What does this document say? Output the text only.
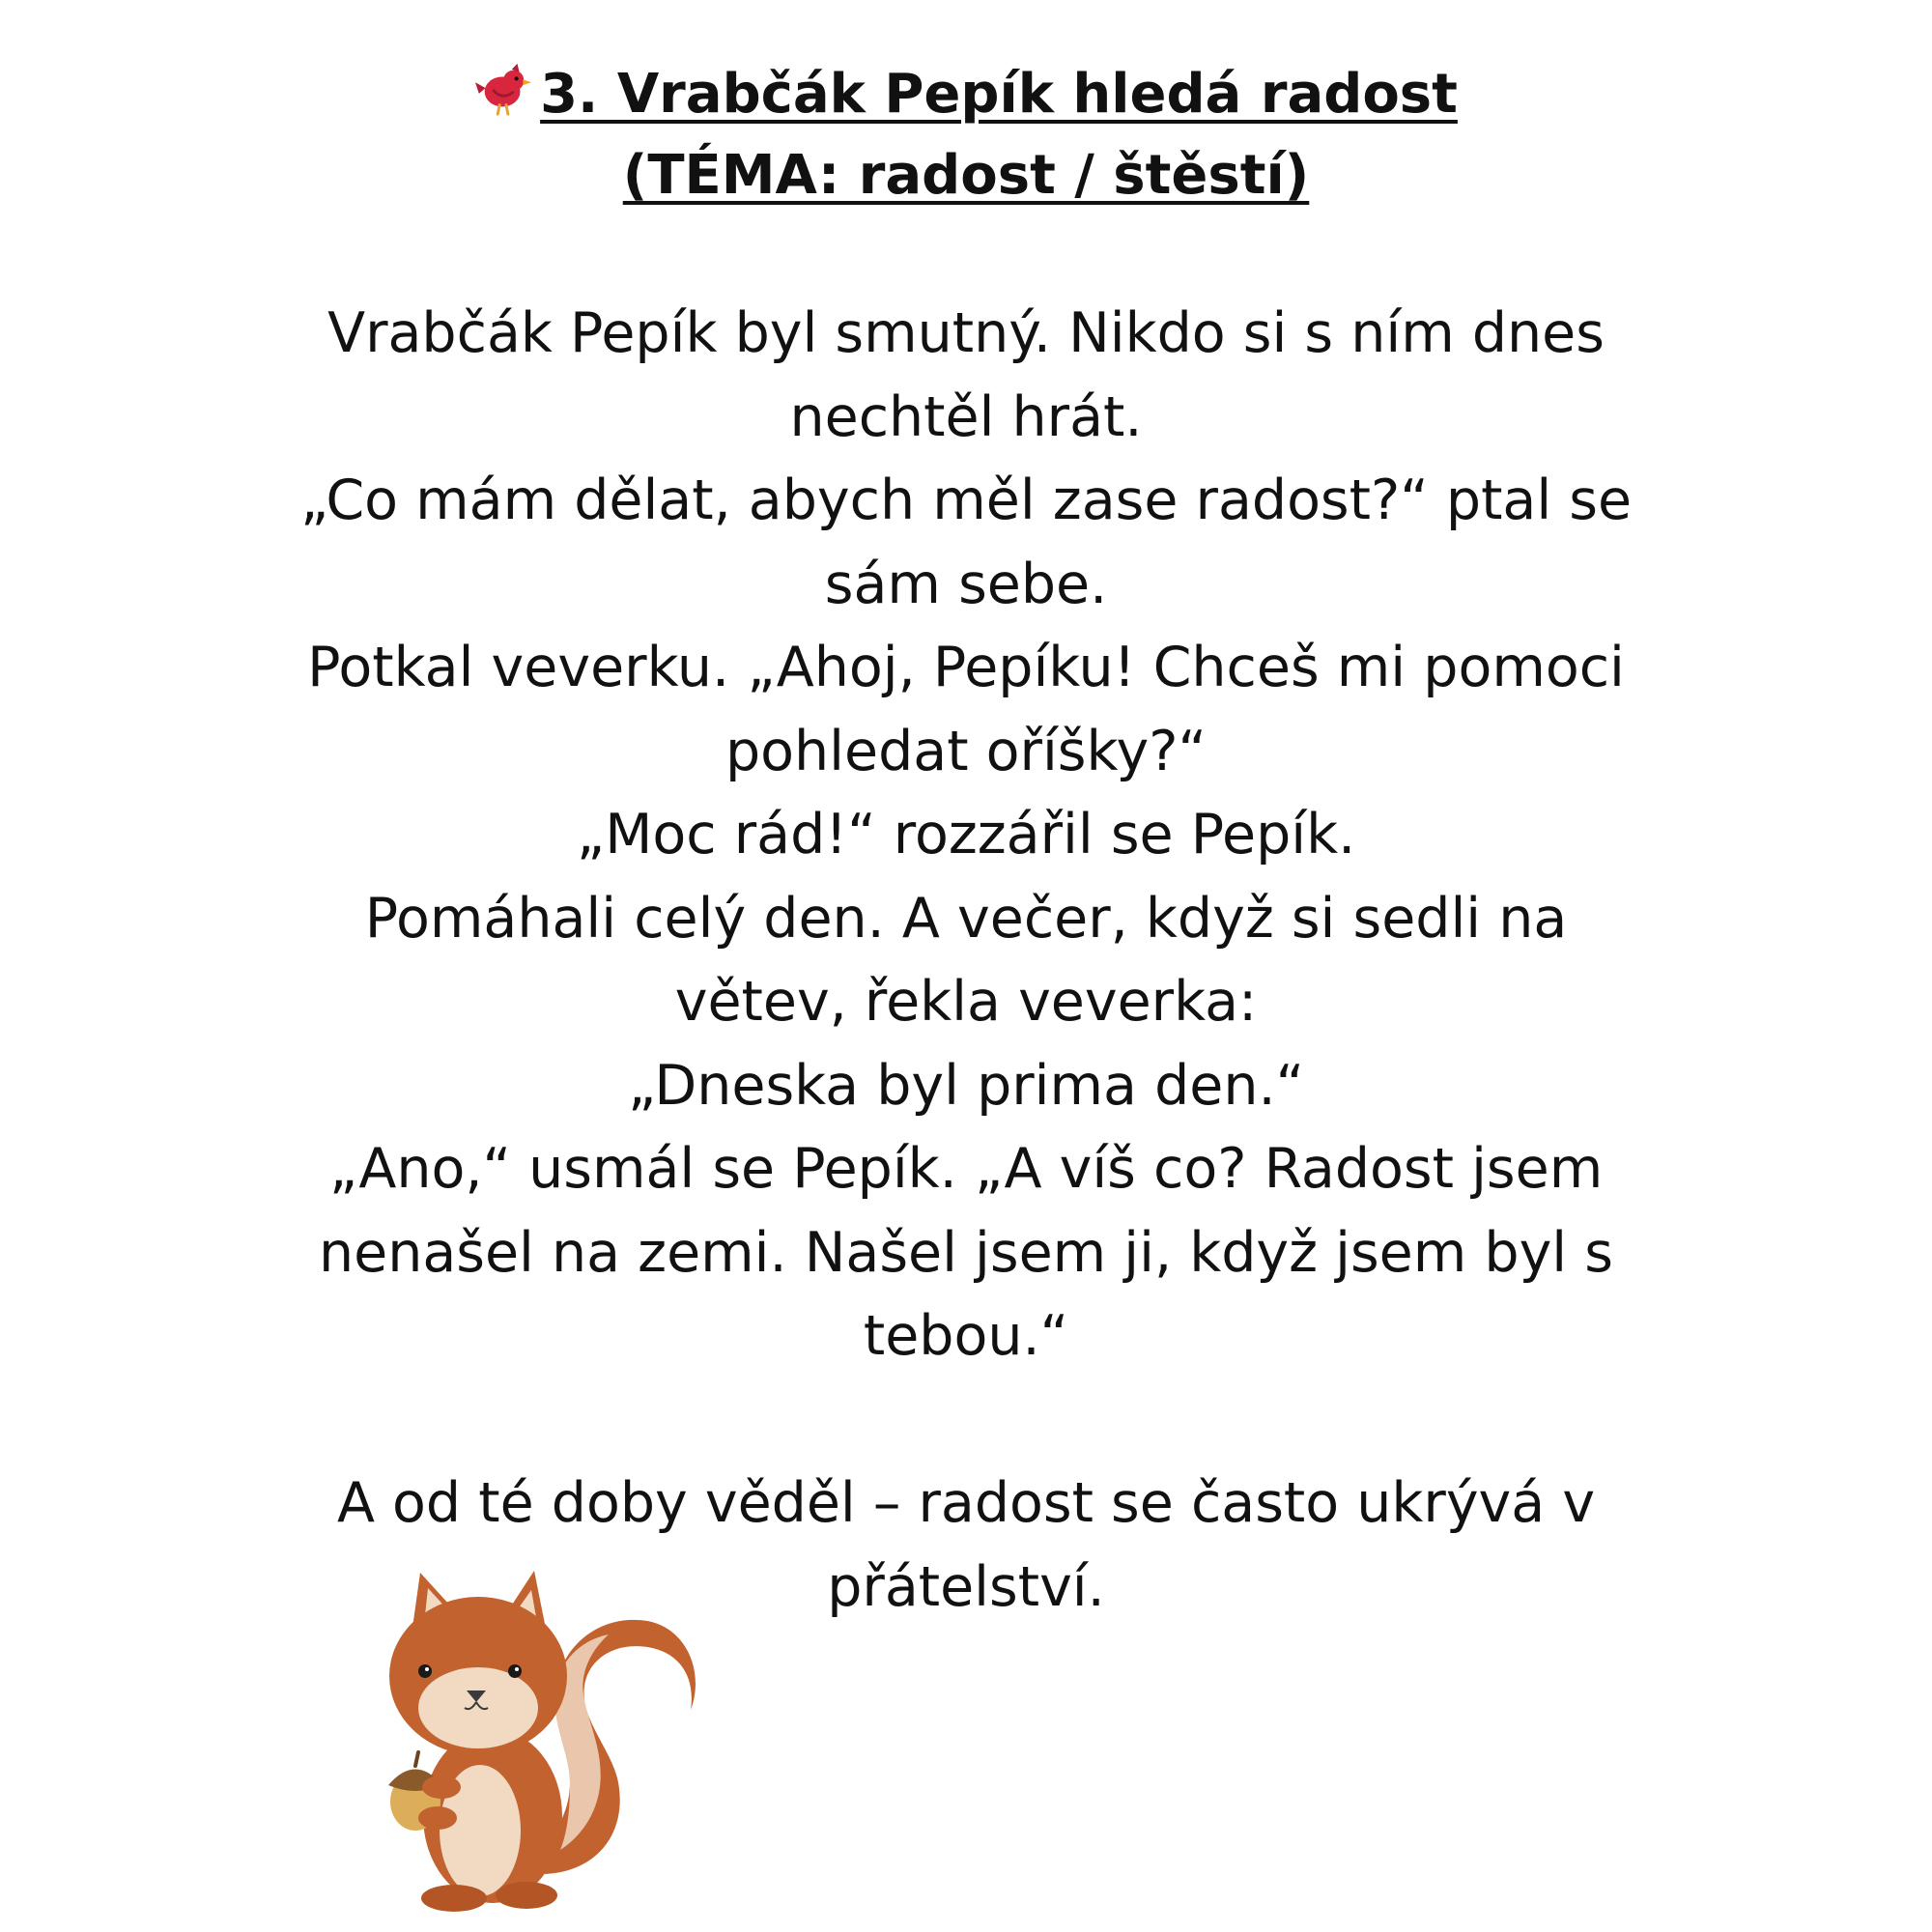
3. Vrabčák Pepík hledá radost
(TÉMA: radost / štěstí)

Vrabčák Pepík byl smutný. Nikdo si s ním dnes nechtěl hrát.

„Co mám dělat, abych měl zase radost?“ ptal se sám sebe.

Potkal veverku. „Ahoj, Pepíku! Chceš mi pomoci pohledat oříšky?“

„Moc rád!“ rozzářil se Pepík.

Pomáhali celý den. A večer, když si sedli na větev, řekla veverka:

„Dneska byl prima den.“

„Ano,“ usmál se Pepík. „A víš co? Radost jsem nenašel na zemi. Našel jsem ji, když jsem byl s tebou.“

A od té doby věděl – radost se často ukrývá v přátelství.
